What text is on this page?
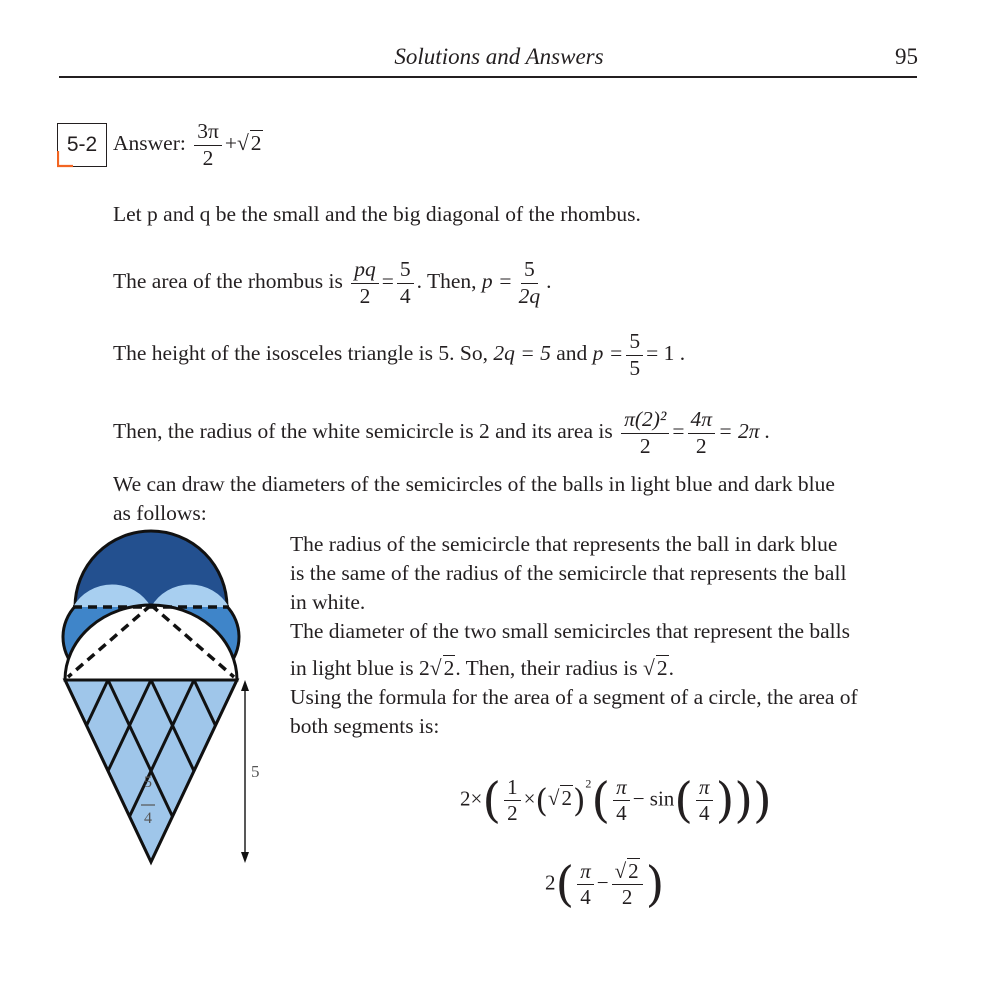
Solutions and Answers	95
5-2 Answer: $\frac{3\pi}{2} +√2$
Let p and q be the small and the big diagonal of the rhombus.
The area of the rhombus is $\frac{pq}{2} = \frac{5}{4}$ . Then, $p = \frac{5}{2q}$ .
The height of the isosceles triangle is 5. So, 2q = 5 and $p = \frac{5}{5} = 1$ .
Then, the radius of the white semicircle is 2 and its area is $\frac{\text{π(2)²}}{2} = \frac{4\pi}{2} = 2\pi$ .
We can draw the diameters of the semicircles of the balls in light blue and dark blue
as follows:
The radius of the semicircle that represents the ball in dark blue
is the same of the radius of the semicircle that represents the ball
in white.
The diameter of the two small semicircles that represent the balls
in light blue is 2√2. Then, their radius is √2.
Using the formula for the area of a segment of a circle, the area of
both segments is:
$2\times( \frac{1}{2} \times(√2)^2( \frac{\pi}{4} - \sin( \frac{\pi}{4}$ )))
$2( \frac{\pi}{4} - \frac{√2}{2}$ )
5
4
5
